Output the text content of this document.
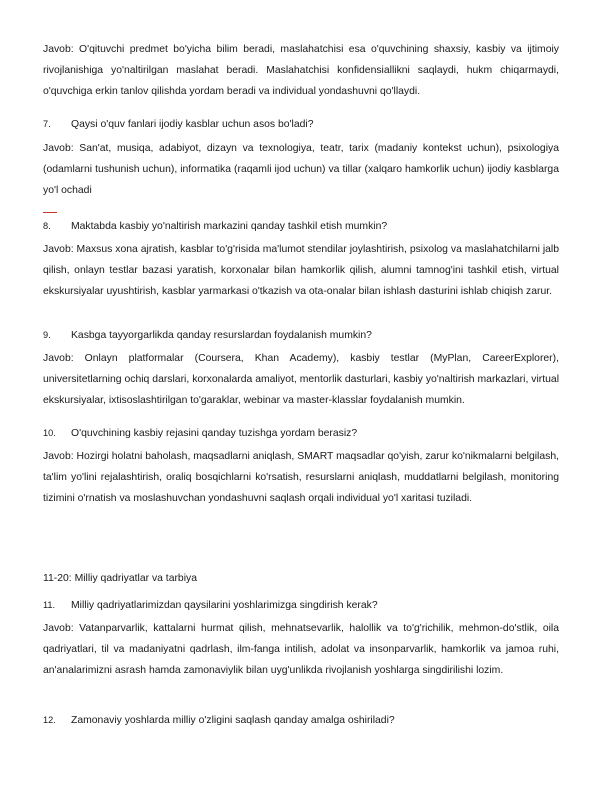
Javob: O'qituvchi predmet bo'yicha bilim beradi, maslahatchisi esa o'quvchining shaxsiy, kasbiy va ijtimoiy rivojlanishiga yo'naltirilgan maslahat beradi. Maslahatchisi konfidensiallikni saqlaydi, hukm chiqarmaydi, o'quvchiga erkin tanlov qilishda yordam beradi va individual yondashuvni qo'llaydi.

7. Qaysi o'quv fanlari ijodiy kasblar uchun asos bo'ladi?

Javob: San'at, musiqa, adabiyot, dizayn va texnologiya, teatr, tarix (madaniy kontekst uchun), psixologiya (odamlarni tushunish uchun), informatika (raqamli ijod uchun) va tillar (xalqaro hamkorlik uchun) ijodiy kasblarga yo'l ochadi

8. Maktabda kasbiy yo'naltirish markazini qanday tashkil etish mumkin?

Javob: Maxsus xona ajratish, kasblar to'g'risida ma'lumot stendilar joylashtirish, psixolog va maslahatchilarni jalb qilish, onlayn testlar bazasi yaratish, korxonalar bilan hamkorlik qilish, alumni tamnog'ini tashkil etish, virtual ekskursiyalar uyushtirish, kasblar yarmarkasi o'tkazish va ota-onalar bilan ishlash dasturini ishlab chiqish zarur.

9. Kasbga tayyorgarlikda qanday resurslardan foydalanish mumkin?

Javob: Onlayn platformalar (Coursera, Khan Academy), kasbiy testlar (MyPlan, CareerExplorer), universitetlarning ochiq darslari, korxonalarda amaliyot, mentorlik dasturlari, kasbiy yo'naltirish markazlari, virtual ekskursiyalar, ixtisoslashtirilgan to'garaklar, webinar va master-klasslar foydalanish mumkin.

10. O'quvchining kasbiy rejasini qanday tuzishga yordam berasiz?

Javob: Hozirgi holatni baholash, maqsadlarni aniqlash, SMART maqsadlar qo'yish, zarur ko'nikmalarni belgilash, ta'lim yo'lini rejalashtirish, oraliq bosqichlarni ko'rsatish, resurslarni aniqlash, muddatlarni belgilash, monitoring tizimini o'rnatish va moslashuvchan yondashuvni saqlash orqali individual yo'l xaritasi tuziladi.

11-20: Milliy qadriyatlar va tarbiya
11. Milliy qadriyatlarimizdan qaysilarini yoshlarimizga singdirish kerak?

Javob: Vatanparvarlik, kattalarni hurmat qilish, mehnatsevarlik, halollik va to'g'richilik, mehmon-do'stlik, oila qadriyatlari, til va madaniyatni qadrlash, ilm-fanga intilish, adolat va insonparvarlik, hamkorlik va jamoa ruhi, an'analarimizni asrash hamda zamonaviylik bilan uyg'unlikda rivojlanish yoshlarga singdirilishi lozim.

12. Zamonaviy yoshlarda milliy o'zligini saqlash qanday amalga oshiriladi?
